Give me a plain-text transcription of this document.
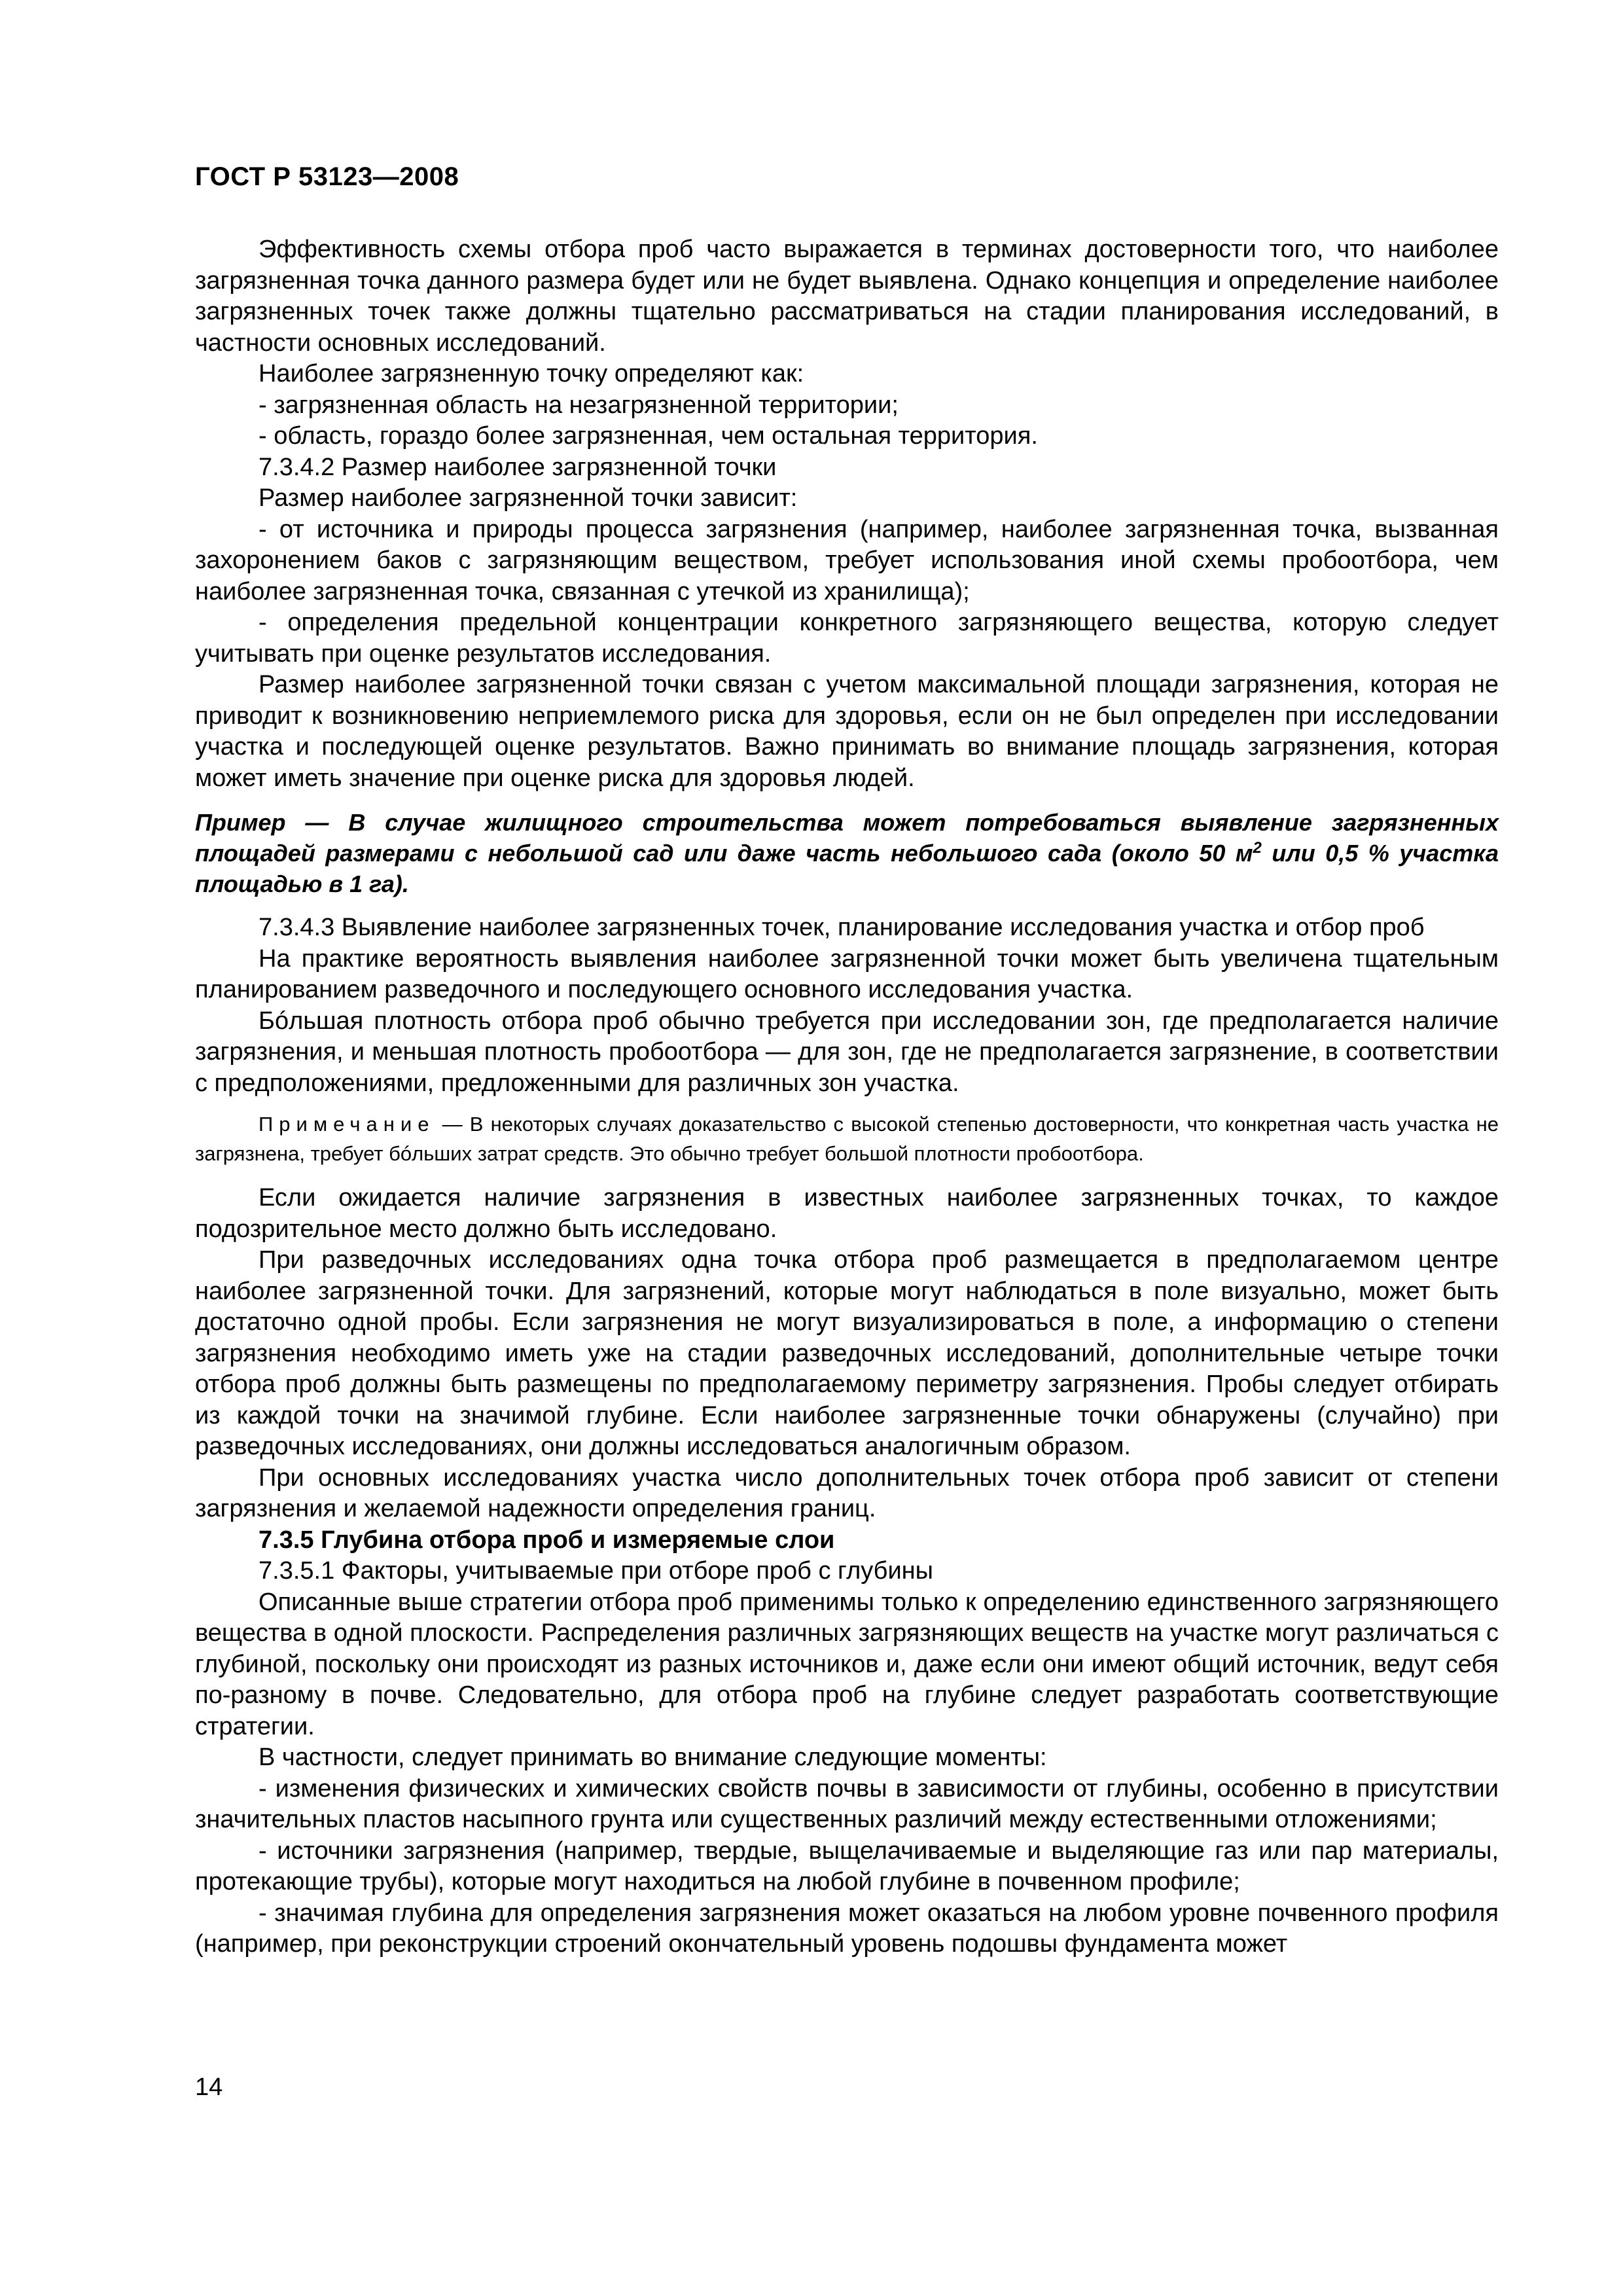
ГОСТ Р 53123—2008

Эффективность схемы отбора проб часто выражается в терминах достоверности того, что наиболее загрязненная точка данного размера будет или не будет выявлена. Однако концепция и определение наиболее загрязненных точек также должны тщательно рассматриваться на стадии планирования исследований, в частности основных исследований.

Наиболее загрязненную точку определяют как:

- загрязненная область на незагрязненной территории;

- область, гораздо более загрязненная, чем остальная территория.

7.3.4.2 Размер наиболее загрязненной точки

Размер наиболее загрязненной точки зависит:

- от источника и природы процесса загрязнения (например, наиболее загрязненная точка, вызванная захоронением баков с загрязняющим веществом, требует использования иной схемы пробоотбора, чем наиболее загрязненная точка, связанная с утечкой из хранилища);

- определения предельной концентрации конкретного загрязняющего вещества, которую следует учитывать при оценке результатов исследования.

Размер наиболее загрязненной точки связан с учетом максимальной площади загрязнения, которая не приводит к возникновению неприемлемого риска для здоровья, если он не был определен при исследовании участка и последующей оценке результатов. Важно принимать во внимание площадь загрязнения, которая может иметь значение при оценке риска для здоровья людей.

Пример — В случае жилищного строительства может потребоваться выявление загрязненных площадей размерами с небольшой сад или даже часть небольшого сада (около 50 $м^2$ или 0,5 % участка площадью в 1 га).

7.3.4.3 Выявление наиболее загрязненных точек, планирование исследования участка и отбор проб

На практике вероятность выявления наиболее загрязненной точки может быть увеличена тщательным планированием разведочного и последующего основного исследования участка.

Бóльшая плотность отбора проб обычно требуется при исследовании зон, где предполагается наличие загрязнения, и меньшая плотность пробоотбора — для зон, где не предполагается загрязнение, в соответствии с предположениями, предложенными для различных зон участка.

Примечание — В некоторых случаях доказательство с высокой степенью достоверности, что конкретная часть участка не загрязнена, требует бóльших затрат средств. Это обычно требует большой плотности пробоотбора.

Если ожидается наличие загрязнения в известных наиболее загрязненных точках, то каждое подозрительное место должно быть исследовано.

При разведочных исследованиях одна точка отбора проб размещается в предполагаемом центре наиболее загрязненной точки. Для загрязнений, которые могут наблюдаться в поле визуально, может быть достаточно одной пробы. Если загрязнения не могут визуализироваться в поле, а информацию о степени загрязнения необходимо иметь уже на стадии разведочных исследований, дополнительные четыре точки отбора проб должны быть размещены по предполагаемому периметру загрязнения. Пробы следует отбирать из каждой точки на значимой глубине. Если наиболее загрязненные точки обнаружены (случайно) при разведочных исследованиях, они должны исследоваться аналогичным образом.

При основных исследованиях участка число дополнительных точек отбора проб зависит от степени загрязнения и желаемой надежности определения границ.

7.3.5 Глубина отбора проб и измеряемые слои

7.3.5.1 Факторы, учитываемые при отборе проб с глубины

Описанные выше стратегии отбора проб применимы только к определению единственного загрязняющего вещества в одной плоскости. Распределения различных загрязняющих веществ на участке могут различаться с глубиной, поскольку они происходят из разных источников и, даже если они имеют общий источник, ведут себя по-разному в почве. Следовательно, для отбора проб на глубине следует разработать соответствующие стратегии.

В частности, следует принимать во внимание следующие моменты:

- изменения физических и химических свойств почвы в зависимости от глубины, особенно в присутствии значительных пластов насыпного грунта или существенных различий между естественными отложениями;

- источники загрязнения (например, твердые, выщелачиваемые и выделяющие газ или пар материалы, протекающие трубы), которые могут находиться на любой глубине в почвенном профиле;

- значимая глубина для определения загрязнения может оказаться на любом уровне почвенного профиля (например, при реконструкции строений окончательный уровень подошвы фундамента может

14
